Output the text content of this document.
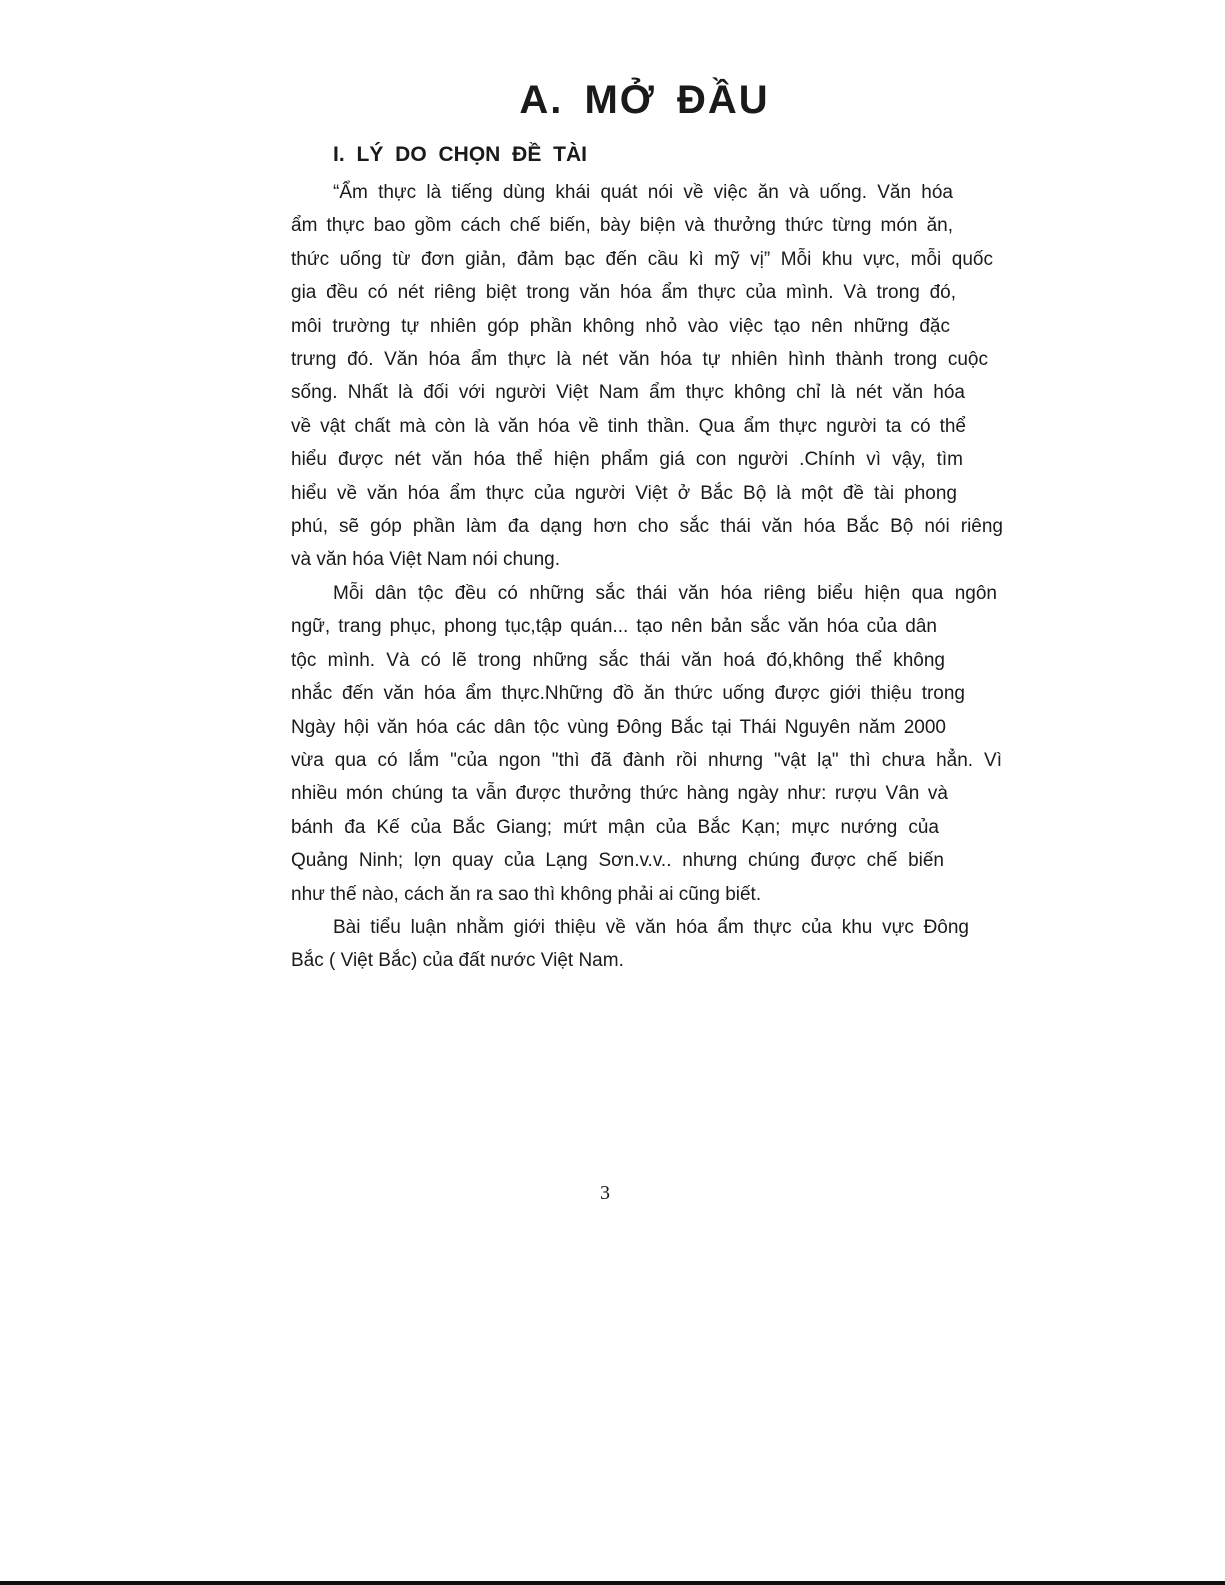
A. MỞ ĐẦU
I. LÝ DO CHỌN ĐỀ TÀI

“Ẩm thực là tiếng dùng khái quát nói về việc ăn và uống. Văn hóa
ẩm thực bao gồm cách chế biến, bày biện và thưởng thức từng món ăn,
thức uống từ đơn giản, đảm bạc đến cầu kì mỹ vị” Mỗi khu vực, mỗi quốc
gia đều có nét riêng biệt trong văn hóa ẩm thực của mình. Và trong đó,
môi trường tự nhiên góp phần không nhỏ vào việc tạo nên những đặc
trưng đó. Văn hóa ẩm thực là nét văn hóa tự nhiên hình thành trong cuộc
sống. Nhất là đối với người Việt Nam ẩm thực không chỉ là nét văn hóa
về vật chất mà còn là văn hóa về tinh thần. Qua ẩm thực người ta có thể
hiểu được nét văn hóa thể hiện phẩm giá con người .Chính vì vậy, tìm
hiểu về văn hóa ẩm thực của người Việt ở Bắc Bộ là một đề tài phong
phú, sẽ góp phần làm đa dạng hơn cho sắc thái văn hóa Bắc Bộ nói riêng
và văn hóa Việt Nam nói chung.

Mỗi dân tộc đều có những sắc thái văn hóa riêng biểu hiện qua ngôn
ngữ, trang phục, phong tục,tập quán... tạo nên bản sắc văn hóa của dân
tộc mình. Và có lẽ trong những sắc thái văn hoá đó,không thể không
nhắc đến văn hóa ẩm thực.Những đồ ăn thức uống được giới thiệu trong
Ngày hội văn hóa các dân tộc vùng Đông Bắc tại Thái Nguyên năm 2000
vừa qua có lắm "của ngon "thì đã đành rồi nhưng "vật lạ" thì chưa hẳn. Vì
nhiều món chúng ta vẫn được thưởng thức hàng ngày như: rượu Vân và
bánh đa Kế của Bắc Giang; mứt mận của Bắc Kạn; mực nướng của
Quảng Ninh; lợn quay của Lạng Sơn.v.v.. nhưng chúng được chế biến
như thế nào, cách ăn ra sao thì không phải ai cũng biết.

Bài tiểu luận nhằm giới thiệu về văn hóa ẩm thực của khu vực Đông
Bắc ( Việt Bắc) của đất nước Việt Nam.

3
